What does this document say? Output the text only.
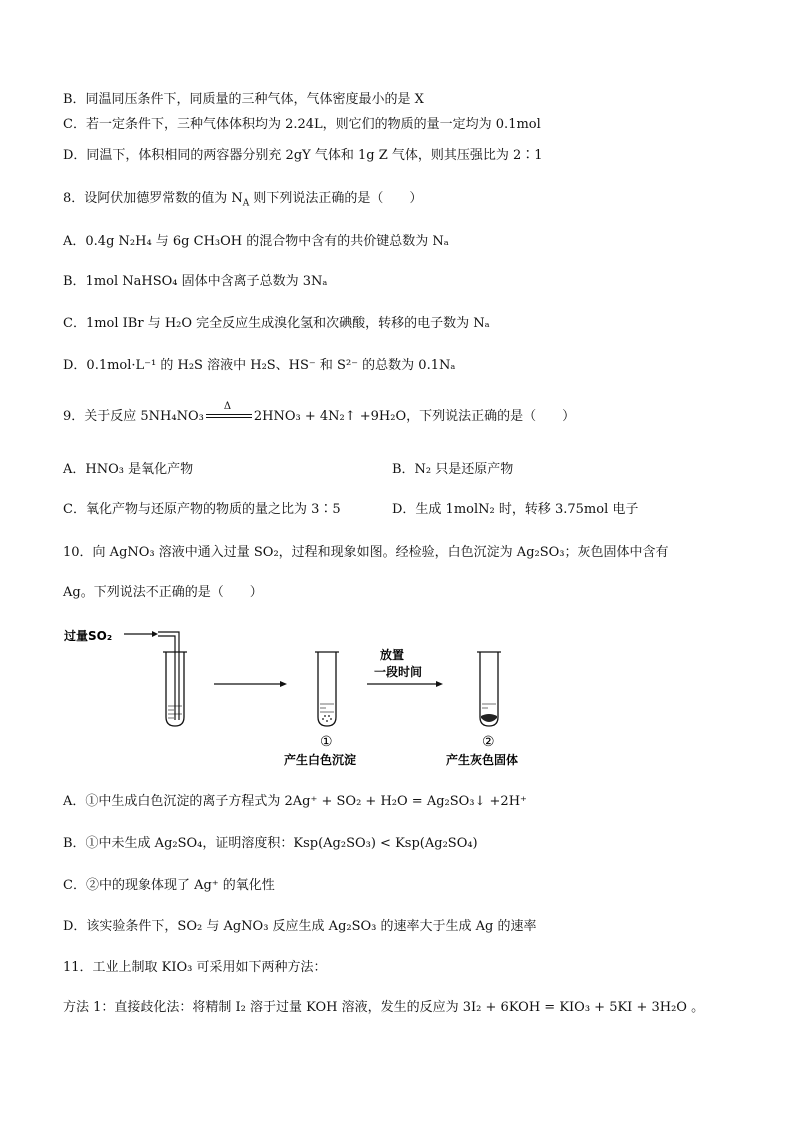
B．同温同压条件下，同质量的三种气体，气体密度最小的是 X
C．若一定条件下，三种气体体积均为 2.24L，则它们的物质的量一定均为 0.1mol
D．同温下，体积相同的两容器分别充 2gY 气体和 1g Z 气体，则其压强比为 2∶1
8．设阿伏加德罗常数的值为 $N_A$ 则下列说法正确的是（　　）
A．0.4g N₂H₄ 与 6g CH₃OH 的混合物中含有的共价键总数为 Nₐ
B．1mol NaHSO₄ 固体中含离子总数为 3Nₐ
C．1mol IBr 与 H₂O 完全反应生成溴化氢和次碘酸，转移的电子数为 Nₐ
D．0.1mol·L⁻¹ 的 H₂S 溶液中 H₂S、HS⁻ 和 S²⁻ 的总数为 0.1Nₐ
9．关于反应 5NH₄NO₃
Δ
2HNO₃ + 4N₂↑ +9H₂O，下列说法正确的是（　　）
A．HNO₃ 是氧化产物	B．N₂ 只是还原产物
C．氧化产物与还原产物的物质的量之比为 3∶5	D．生成 1molN₂ 时，转移 3.75mol 电子
10．向 AgNO₃ 溶液中通入过量 SO₂，过程和现象如图。经检验，白色沉淀为 Ag₂SO₃；灰色固体中含有
Ag。下列说法不正确的是（　　）
过量SO₂
①
产生白色沉淀
放置
一段时间
②
产生灰色固体
A．①中生成白色沉淀的离子方程式为 2Ag⁺ + SO₂ + H₂O = Ag₂SO₃↓ +2H⁺
B．①中未生成 Ag₂SO₄，证明溶度积：Ksp(Ag₂SO₃) < Ksp(Ag₂SO₄)
C．②中的现象体现了 Ag⁺ 的氧化性
D．该实验条件下，SO₂ 与 AgNO₃ 反应生成 Ag₂SO₃ 的速率大于生成 Ag 的速率
11．工业上制取 KIO₃ 可采用如下两种方法：
方法 1：直接歧化法：将精制 I₂ 溶于过量 KOH 溶液，发生的反应为 3I₂ + 6KOH = KIO₃ + 5KI + 3H₂O 。
